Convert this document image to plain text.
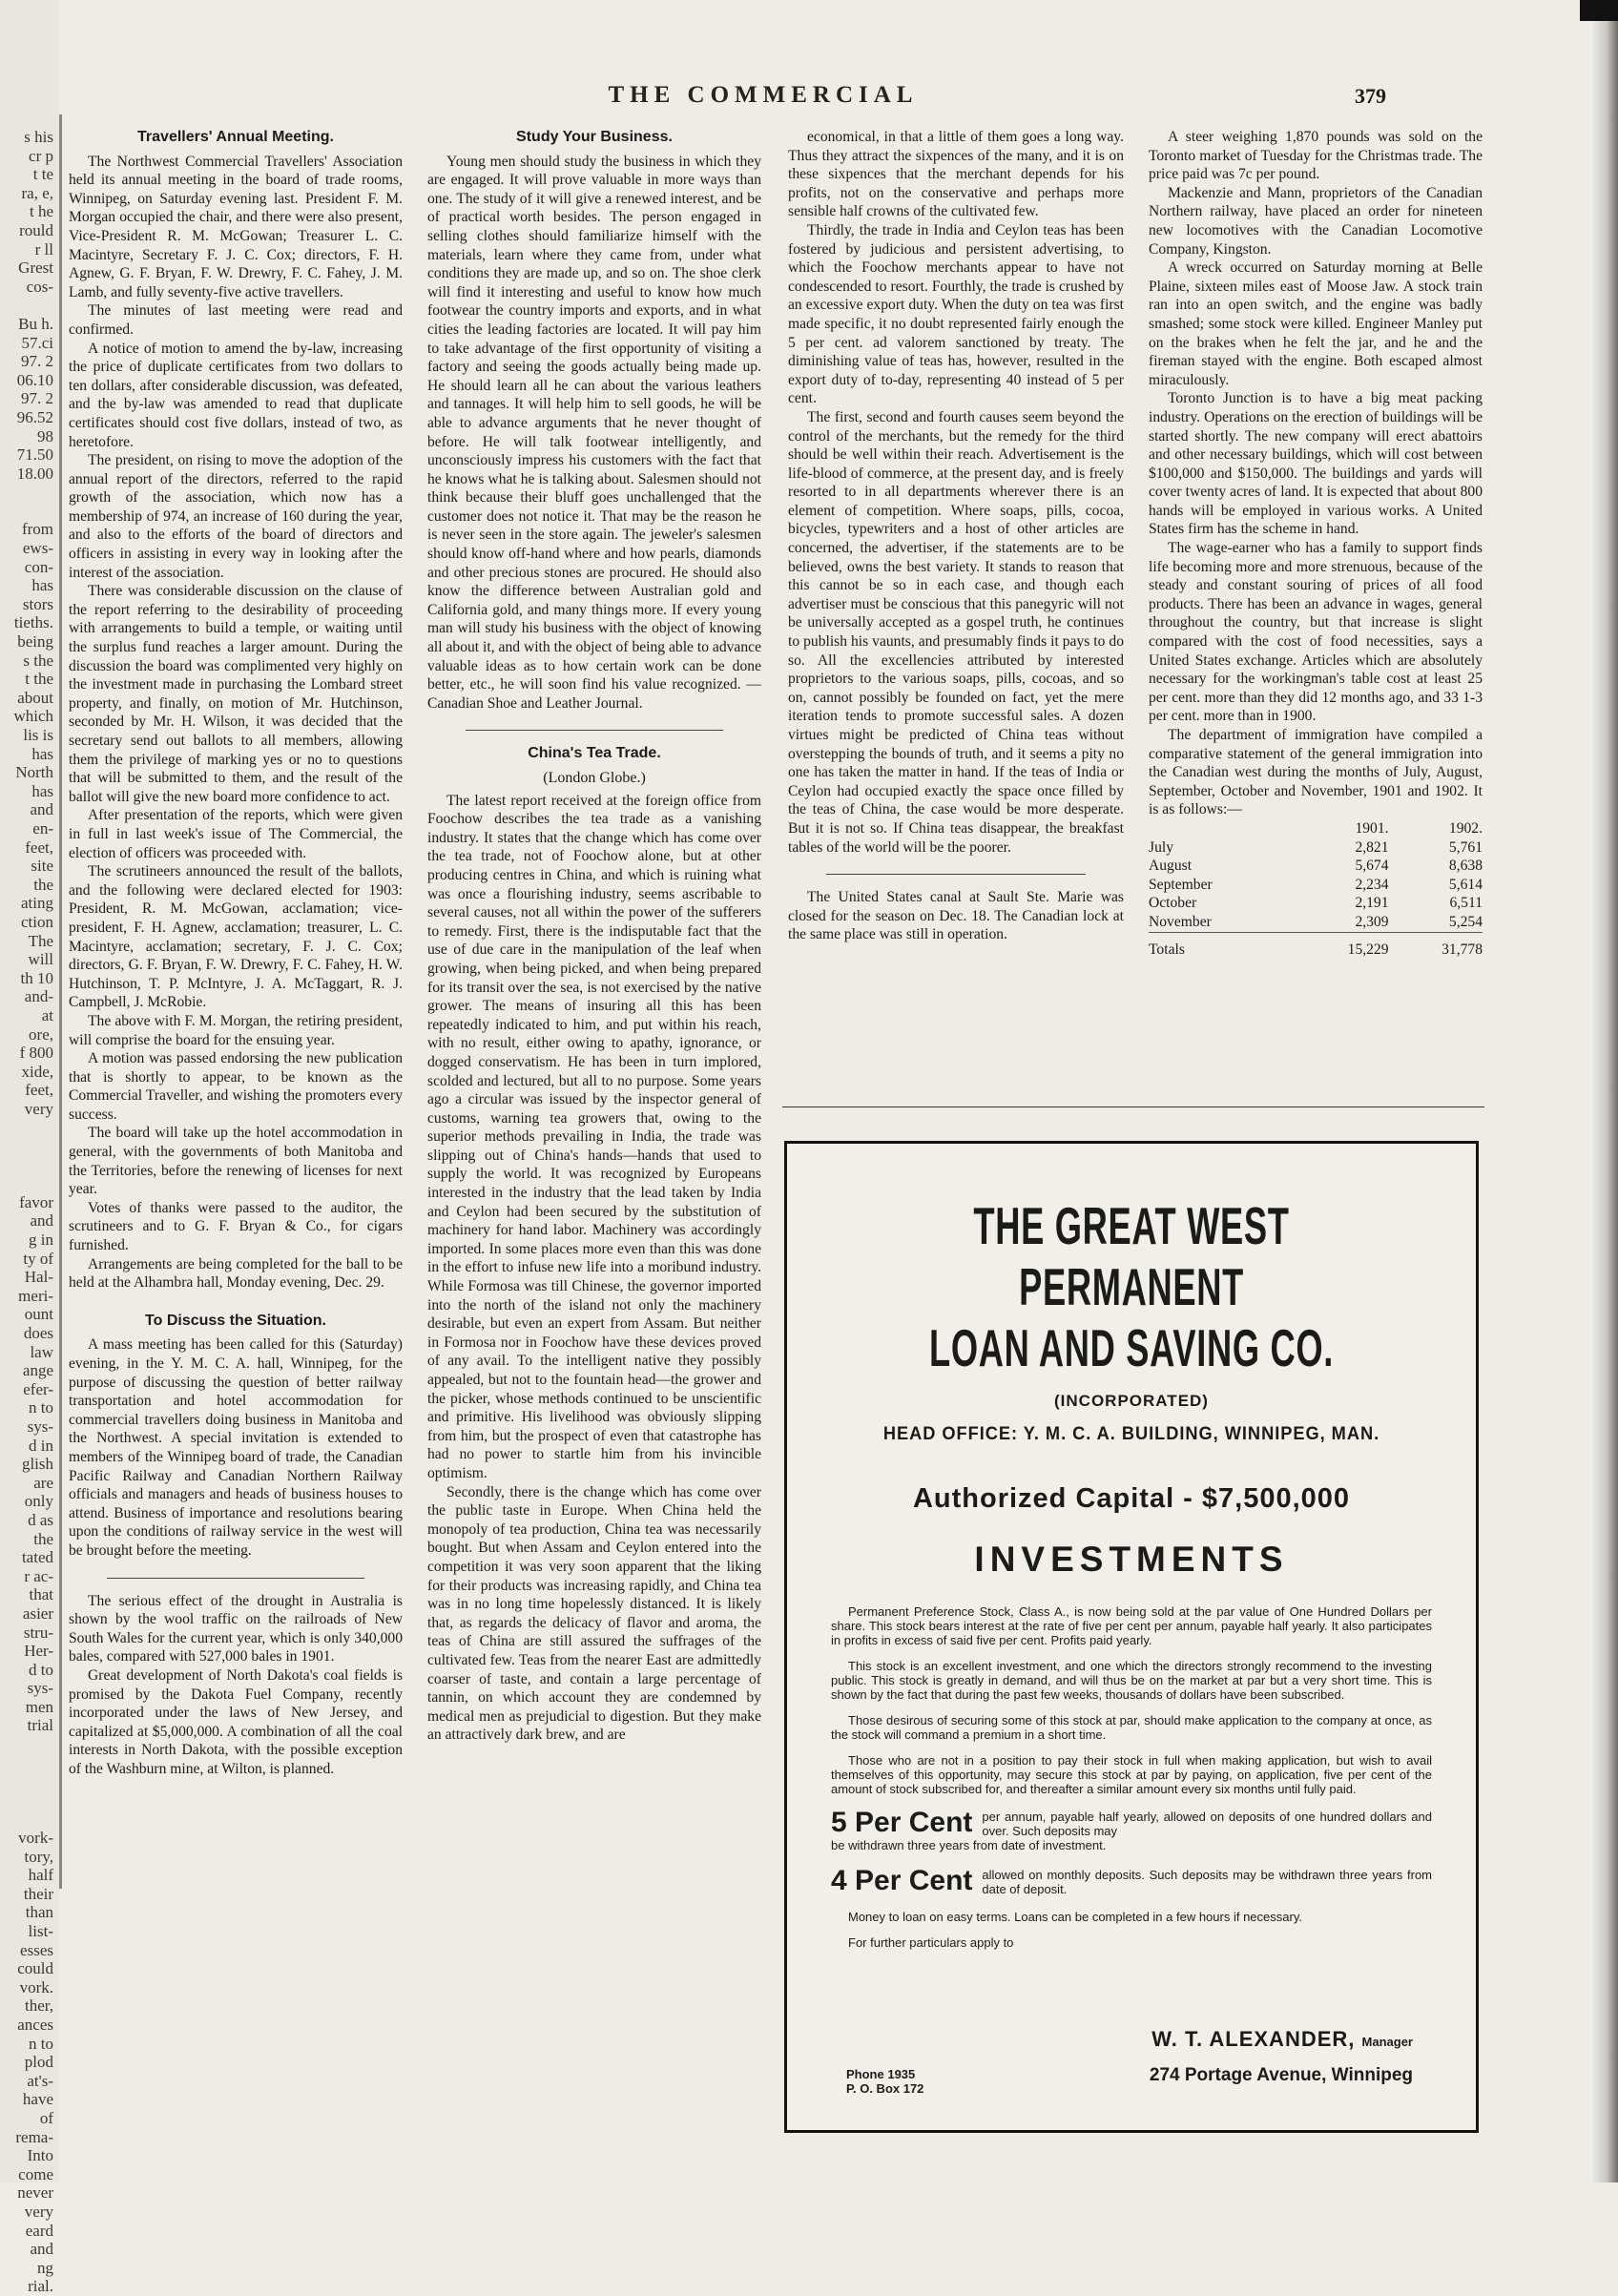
s his

cr p

t te

ra, e,

t he

rould

r ll

Grest

cos-

Bu h.

57.ci

97. 2

06.10

97. 2

96.52

98

71.50

18.00

from

ews-

con-

has

stors

tieths.

being

s the

t the

about

which

lis is

has

North

has

and

en-

feet,

site

the

ating

ction

The

will

th 10

and-

at

ore,

f 800

xide,

feet,

very

favor

and

g in

ty of

Hal-

meri-

ount

does

law

ange

efer-

n to

sys-

d in

glish

are

only

d as

the

tated

r ac-

that

asier

stru-

Her-

d to

sys-

men

trial

vork-

tory,

half

their

than

list-

esses

could

vork.

ther,

ances

n to

plod

at's-

have

of

rema-

Into

come

never

very

eard

and

ng

rial.

THE COMMERCIAL	379
Travellers' Annual Meeting.

The Northwest Commercial Travellers' Association held its annual meeting in the board of trade rooms, Winnipeg, on Saturday evening last. President F. M. Morgan occupied the chair, and there were also present, Vice-President R. M. McGowan; Treasurer L. C. Macintyre, Secretary F. J. C. Cox; directors, F. H. Agnew, G. F. Bryan, F. W. Drewry, F. C. Fahey, J. M. Lamb, and fully seventy-five active travellers.

The minutes of last meeting were read and confirmed.

A notice of motion to amend the by-law, increasing the price of duplicate certificates from two dollars to ten dollars, after considerable discussion, was defeated, and the by-law was amended to read that duplicate certificates should cost five dollars, instead of two, as heretofore.

The president, on rising to move the adoption of the annual report of the directors, referred to the rapid growth of the association, which now has a membership of 974, an increase of 160 during the year, and also to the efforts of the board of directors and officers in assisting in every way in looking after the interest of the association.

There was considerable discussion on the clause of the report referring to the desirability of proceeding with arrangements to build a temple, or waiting until the surplus fund reaches a larger amount. During the discussion the board was complimented very highly on the investment made in purchasing the Lombard street property, and finally, on motion of Mr. Hutchinson, seconded by Mr. H. Wilson, it was decided that the secretary send out ballots to all members, allowing them the privilege of marking yes or no to questions that will be submitted to them, and the result of the ballot will give the new board more confidence to act.

After presentation of the reports, which were given in full in last week's issue of The Commercial, the election of officers was proceeded with.

The scrutineers announced the result of the ballots, and the following were declared elected for 1903: President, R. M. McGowan, acclamation; vice-president, F. H. Agnew, acclamation; treasurer, L. C. Macintyre, acclamation; secretary, F. J. C. Cox; directors, G. F. Bryan, F. W. Drewry, F. C. Fahey, H. W. Hutchinson, T. P. McIntyre, J. A. McTaggart, R. J. Campbell, J. McRobie.

The above with F. M. Morgan, the retiring president, will comprise the board for the ensuing year.

A motion was passed endorsing the new publication that is shortly to appear, to be known as the Commercial Traveller, and wishing the promoters every success.

The board will take up the hotel accommodation in general, with the governments of both Manitoba and the Territories, before the renewing of licenses for next year.

Votes of thanks were passed to the auditor, the scrutineers and to G. F. Bryan & Co., for cigars furnished.

Arrangements are being completed for the ball to be held at the Alhambra hall, Monday evening, Dec. 29.

To Discuss the Situation.

A mass meeting has been called for this (Saturday) evening, in the Y. M. C. A. hall, Winnipeg, for the purpose of discussing the question of better railway transportation and hotel accommodation for commercial travellers doing business in Manitoba and the Northwest. A special invitation is extended to members of the Winnipeg board of trade, the Canadian Pacific Railway and Canadian Northern Railway officials and managers and heads of business houses to attend. Business of importance and resolutions bearing upon the conditions of railway service in the west will be brought before the meeting.

The serious effect of the drought in Australia is shown by the wool traffic on the railroads of New South Wales for the current year, which is only 340,000 bales, compared with 527,000 bales in 1901.

Great development of North Dakota's coal fields is promised by the Dakota Fuel Company, recently incorporated under the laws of New Jersey, and capitalized at $5,000,000. A combination of all the coal interests in North Dakota, with the possible exception of the Washburn mine, at Wilton, is planned.

Study Your Business.

Young men should study the business in which they are engaged. It will prove valuable in more ways than one. The study of it will give a renewed interest, and be of practical worth besides. The person engaged in selling clothes should familiarize himself with the materials, learn where they came from, under what conditions they are made up, and so on. The shoe clerk will find it interesting and useful to know how much footwear the country imports and exports, and in what cities the leading factories are located. It will pay him to take advantage of the first opportunity of visiting a factory and seeing the goods actually being made up. He should learn all he can about the various leathers and tannages. It will help him to sell goods, he will be able to advance arguments that he never thought of before. He will talk footwear intelligently, and unconsciously impress his customers with the fact that he knows what he is talking about. Salesmen should not think because their bluff goes unchallenged that the customer does not notice it. That may be the reason he is never seen in the store again. The jeweler's salesmen should know off-hand where and how pearls, diamonds and other precious stones are procured. He should also know the difference between Australian gold and California gold, and many things more. If every young man will study his business with the object of knowing all about it, and with the object of being able to advance valuable ideas as to how certain work can be done better, etc., he will soon find his value recognized. —Canadian Shoe and Leather Journal.

China's Tea Trade.
(London Globe.)

The latest report received at the foreign office from Foochow describes the tea trade as a vanishing industry. It states that the change which has come over the tea trade, not of Foochow alone, but at other producing centres in China, and which is ruining what was once a flourishing industry, seems ascribable to several causes, not all within the power of the sufferers to remedy. First, there is the indisputable fact that the use of due care in the manipulation of the leaf when growing, when being picked, and when being prepared for its transit over the sea, is not exercised by the native grower. The means of insuring all this has been repeatedly indicated to him, and put within his reach, with no result, either owing to apathy, ignorance, or dogged conservatism. He has been in turn implored, scolded and lectured, but all to no purpose. Some years ago a circular was issued by the inspector general of customs, warning tea growers that, owing to the superior methods prevailing in India, the trade was slipping out of China's hands—hands that used to supply the world. It was recognized by Europeans interested in the industry that the lead taken by India and Ceylon had been secured by the substitution of machinery for hand labor. Machinery was accordingly imported. In some places more even than this was done in the effort to infuse new life into a moribund industry. While Formosa was till Chinese, the governor imported into the north of the island not only the machinery desirable, but even an expert from Assam. But neither in Formosa nor in Foochow have these devices proved of any avail. To the intelligent native they possibly appealed, but not to the fountain head—the grower and the picker, whose methods continued to be unscientific and primitive. His livelihood was obviously slipping from him, but the prospect of even that catastrophe has had no power to startle him from his invincible optimism.

Secondly, there is the change which has come over the public taste in Europe. When China held the monopoly of tea production, China tea was necessarily bought. But when Assam and Ceylon entered into the competition it was very soon apparent that the liking for their products was increasing rapidly, and China tea was in no long time hopelessly distanced. It is likely that, as regards the delicacy of flavor and aroma, the teas of China are still assured the suffrages of the cultivated few. Teas from the nearer East are admittedly coarser of taste, and contain a large percentage of tannin, on which account they are condemned by medical men as prejudicial to digestion. But they make an attractively dark brew, and are

economical, in that a little of them goes a long way. Thus they attract the sixpences of the many, and it is on these sixpences that the merchant depends for his profits, not on the conservative and perhaps more sensible half crowns of the cultivated few.

Thirdly, the trade in India and Ceylon teas has been fostered by judicious and persistent advertising, to which the Foochow merchants appear to have not condescended to resort. Fourthly, the trade is crushed by an excessive export duty. When the duty on tea was first made specific, it no doubt represented fairly enough the 5 per cent. ad valorem sanctioned by treaty. The diminishing value of teas has, however, resulted in the export duty of to-day, representing 40 instead of 5 per cent.

The first, second and fourth causes seem beyond the control of the merchants, but the remedy for the third should be well within their reach. Advertisement is the life-blood of commerce, at the present day, and is freely resorted to in all departments wherever there is an element of competition. Where soaps, pills, cocoa, bicycles, typewriters and a host of other articles are concerned, the advertiser, if the statements are to be believed, owns the best variety. It stands to reason that this cannot be so in each case, and though each advertiser must be conscious that this panegyric will not be universally accepted as a gospel truth, he continues to publish his vaunts, and presumably finds it pays to do so. All the excellencies attributed by interested proprietors to the various soaps, pills, cocoas, and so on, cannot possibly be founded on fact, yet the mere iteration tends to promote successful sales. A dozen virtues might be predicted of China teas without overstepping the bounds of truth, and it seems a pity no one has taken the matter in hand. If the teas of India or Ceylon had occupied exactly the space once filled by the teas of China, the case would be more desperate. But it is not so. If China teas disappear, the breakfast tables of the world will be the poorer.

The United States canal at Sault Ste. Marie was closed for the season on Dec. 18. The Canadian lock at the same place was still in operation.

A steer weighing 1,870 pounds was sold on the Toronto market of Tuesday for the Christmas trade. The price paid was 7c per pound.

Mackenzie and Mann, proprietors of the Canadian Northern railway, have placed an order for nineteen new locomotives with the Canadian Locomotive Company, Kingston.

A wreck occurred on Saturday morning at Belle Plaine, sixteen miles east of Moose Jaw. A stock train ran into an open switch, and the engine was badly smashed; some stock were killed. Engineer Manley put on the brakes when he felt the jar, and he and the fireman stayed with the engine. Both escaped almost miraculously.

Toronto Junction is to have a big meat packing industry. Operations on the erection of buildings will be started shortly. The new company will erect abattoirs and other necessary buildings, which will cost between $100,000 and $150,000. The buildings and yards will cover twenty acres of land. It is expected that about 800 hands will be employed in various works. A United States firm has the scheme in hand.

The wage-earner who has a family to support finds life becoming more and more strenuous, because of the steady and constant souring of prices of all food products. There has been an advance in wages, general throughout the country, but that increase is slight compared with the cost of food necessities, says a United States exchange. Articles which are absolutely necessary for the workingman's table cost at least 25 per cent. more than they did 12 months ago, and 33 1-3 per cent. more than in 1900.

The department of immigration have compiled a comparative statement of the general immigration into the Canadian west during the months of July, August, September, October and November, 1901 and 1902. It is as follows:—

	1901.	1902.
July	2,821	5,761
August	5,674	8,638
September	2,234	5,614
October	2,191	6,511
November	2,309	5,254
Totals	15,229	31,778
THE GREAT WEST PERMANENT
LOAN AND SAVING CO.
(INCORPORATED)
HEAD OFFICE: Y. M. C. A. BUILDING, WINNIPEG, MAN.
Authorized Capital - $7,500,000
INVESTMENTS

Permanent Preference Stock, Class A., is now being sold at the par value of One Hundred Dollars per share. This stock bears interest at the rate of five per cent per annum, payable half yearly. It also participates in profits in excess of said five per cent. Profits paid yearly.

This stock is an excellent investment, and one which the directors strongly recommend to the investing public. This stock is greatly in demand, and will thus be on the market at par but a very short time. This is shown by the fact that during the past few weeks, thousands of dollars have been subscribed.

Those desirous of securing some of this stock at par, should make application to the company at once, as the stock will command a premium in a short time.

Those who are not in a position to pay their stock in full when making application, but wish to avail themselves of this opportunity, may secure this stock at par by paying, on application, five per cent of the amount of stock subscribed for, and thereafter a similar amount every six months until fully paid.

5 Per Cent per annum, payable half yearly, allowed on deposits of one hundred dollars and over. Such deposits may
be withdrawn three years from date of investment.
4 Per Cent allowed on monthly deposits. Such deposits may be withdrawn three years from date of deposit.

Money to loan on easy terms. Loans can be completed in a few hours if necessary.

For further particulars apply to

W. T. ALEXANDER, Manager
Phone 1935
P. O. Box 172
274 Portage Avenue, Winnipeg
